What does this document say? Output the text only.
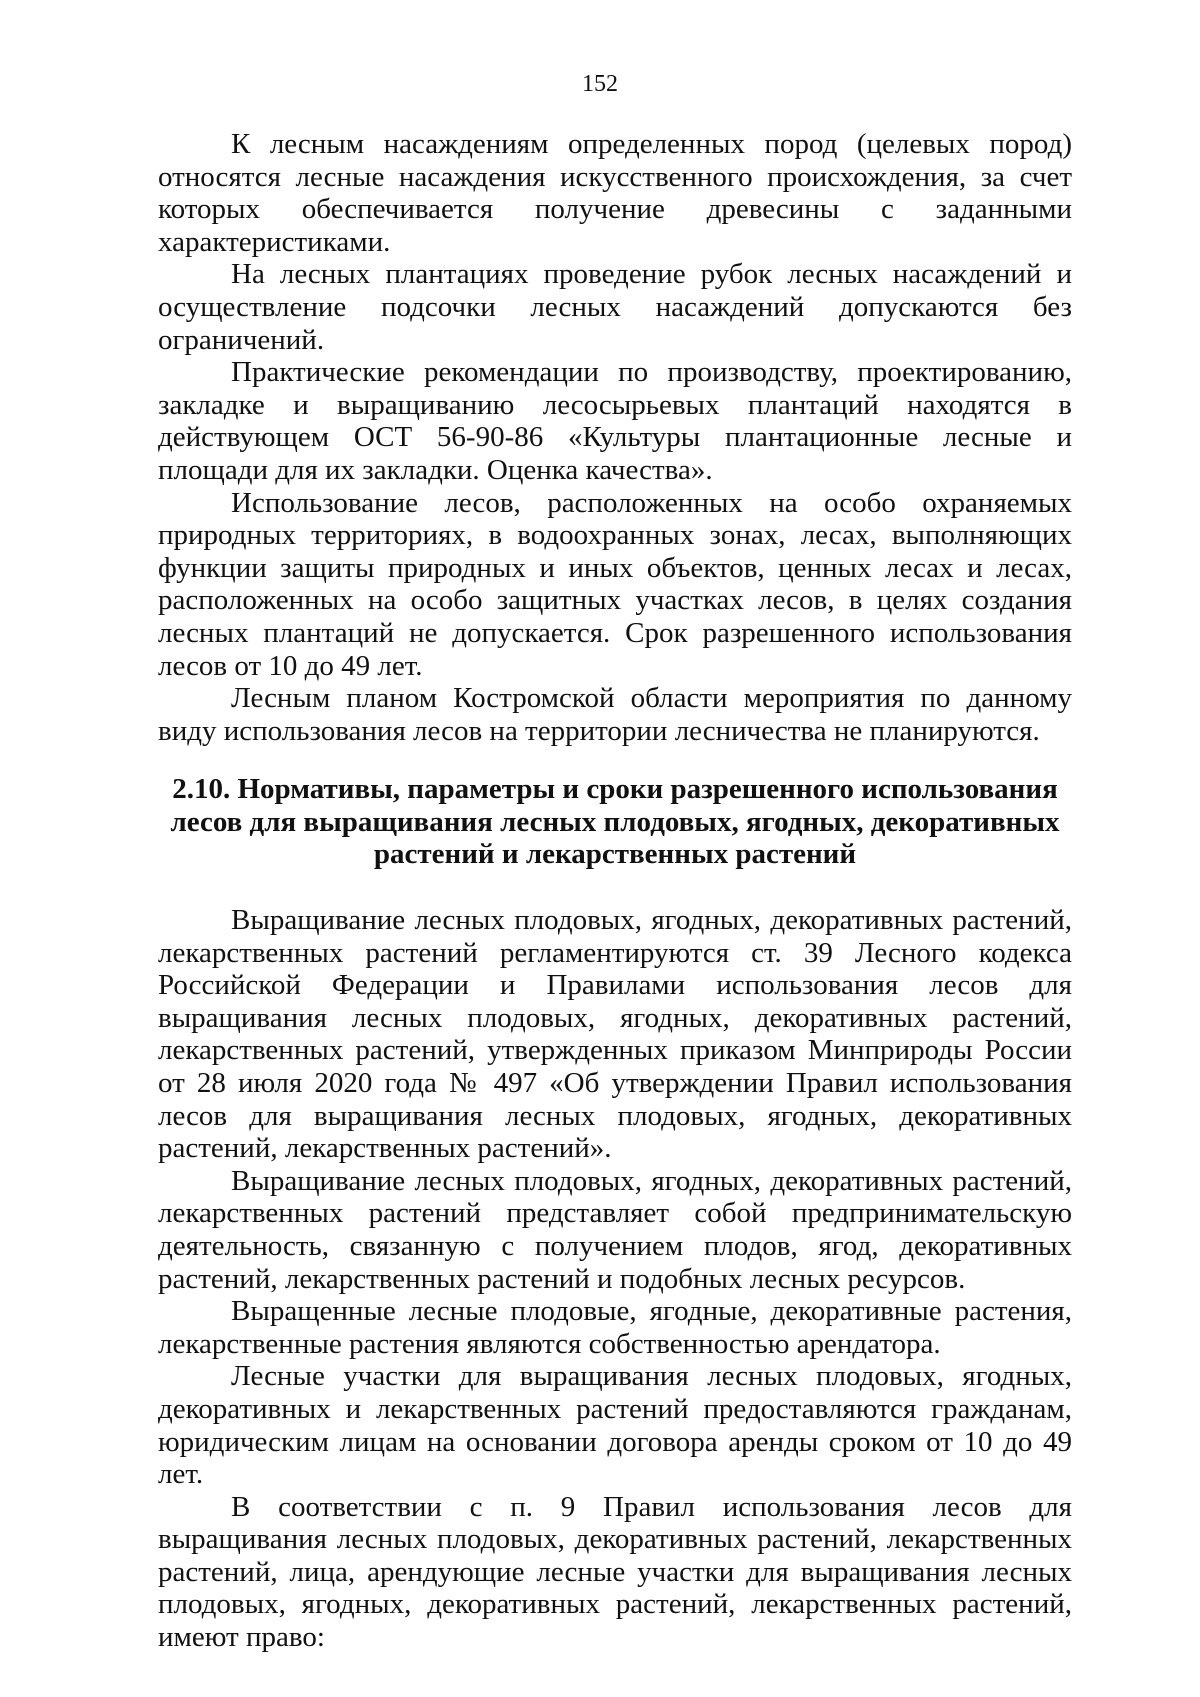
152

К лесным насаждениям определенных пород (целевых пород) относятся лесные насаждения искусственного происхождения, за счет которых обеспечивается получение древесины с заданными характеристиками.

На лесных плантациях проведение рубок лесных насаждений и осуществление подсочки лесных насаждений допускаются без ограничений.

Практические рекомендации по производству, проектированию, закладке и выращиванию лесосырьевых плантаций находятся в действующем ОСТ 56-90-86 «Культуры плантационные лесные и площади для их закладки. Оценка качества».

Использование лесов, расположенных на особо охраняемых природных территориях, в водоохранных зонах, лесах, выполняющих функции защиты природных и иных объектов, ценных лесах и лесах, расположенных на особо защитных участках лесов, в целях создания лесных плантаций не допускается. Срок разрешенного использования лесов от 10 до 49 лет.

Лесным планом Костромской области мероприятия по данному виду использования лесов на территории лесничества не планируются.

2.10. Нормативы, параметры и сроки разрешенного использования лесов для выращивания лесных плодовых, ягодных, декоративных растений и лекарственных растений

Выращивание лесных плодовых, ягодных, декоративных растений, лекарственных растений регламентируются ст. 39 Лесного кодекса Российской Федерации и Правилами использования лесов для выращивания лесных плодовых, ягодных, декоративных растений, лекарственных растений, утвержденных приказом Минприроды России от 28 июля 2020 года № 497 «Об утверждении Правил использования лесов для выращивания лесных плодовых, ягодных, декоративных растений, лекарственных растений».

Выращивание лесных плодовых, ягодных, декоративных растений, лекарственных растений представляет собой предпринимательскую деятельность, связанную с получением плодов, ягод, декоративных растений, лекарственных растений и подобных лесных ресурсов.

Выращенные лесные плодовые, ягодные, декоративные растения, лекарственные растения являются собственностью арендатора.

Лесные участки для выращивания лесных плодовых, ягодных, декоративных и лекарственных растений предоставляются гражданам, юридическим лицам на основании договора аренды сроком от 10 до 49 лет.

В соответствии с п. 9 Правил использования лесов для выращивания лесных плодовых, декоративных растений, лекарственных растений, лица, арендующие лесные участки для выращивания лесных плодовых, ягодных, декоративных растений, лекарственных растений, имеют право:
